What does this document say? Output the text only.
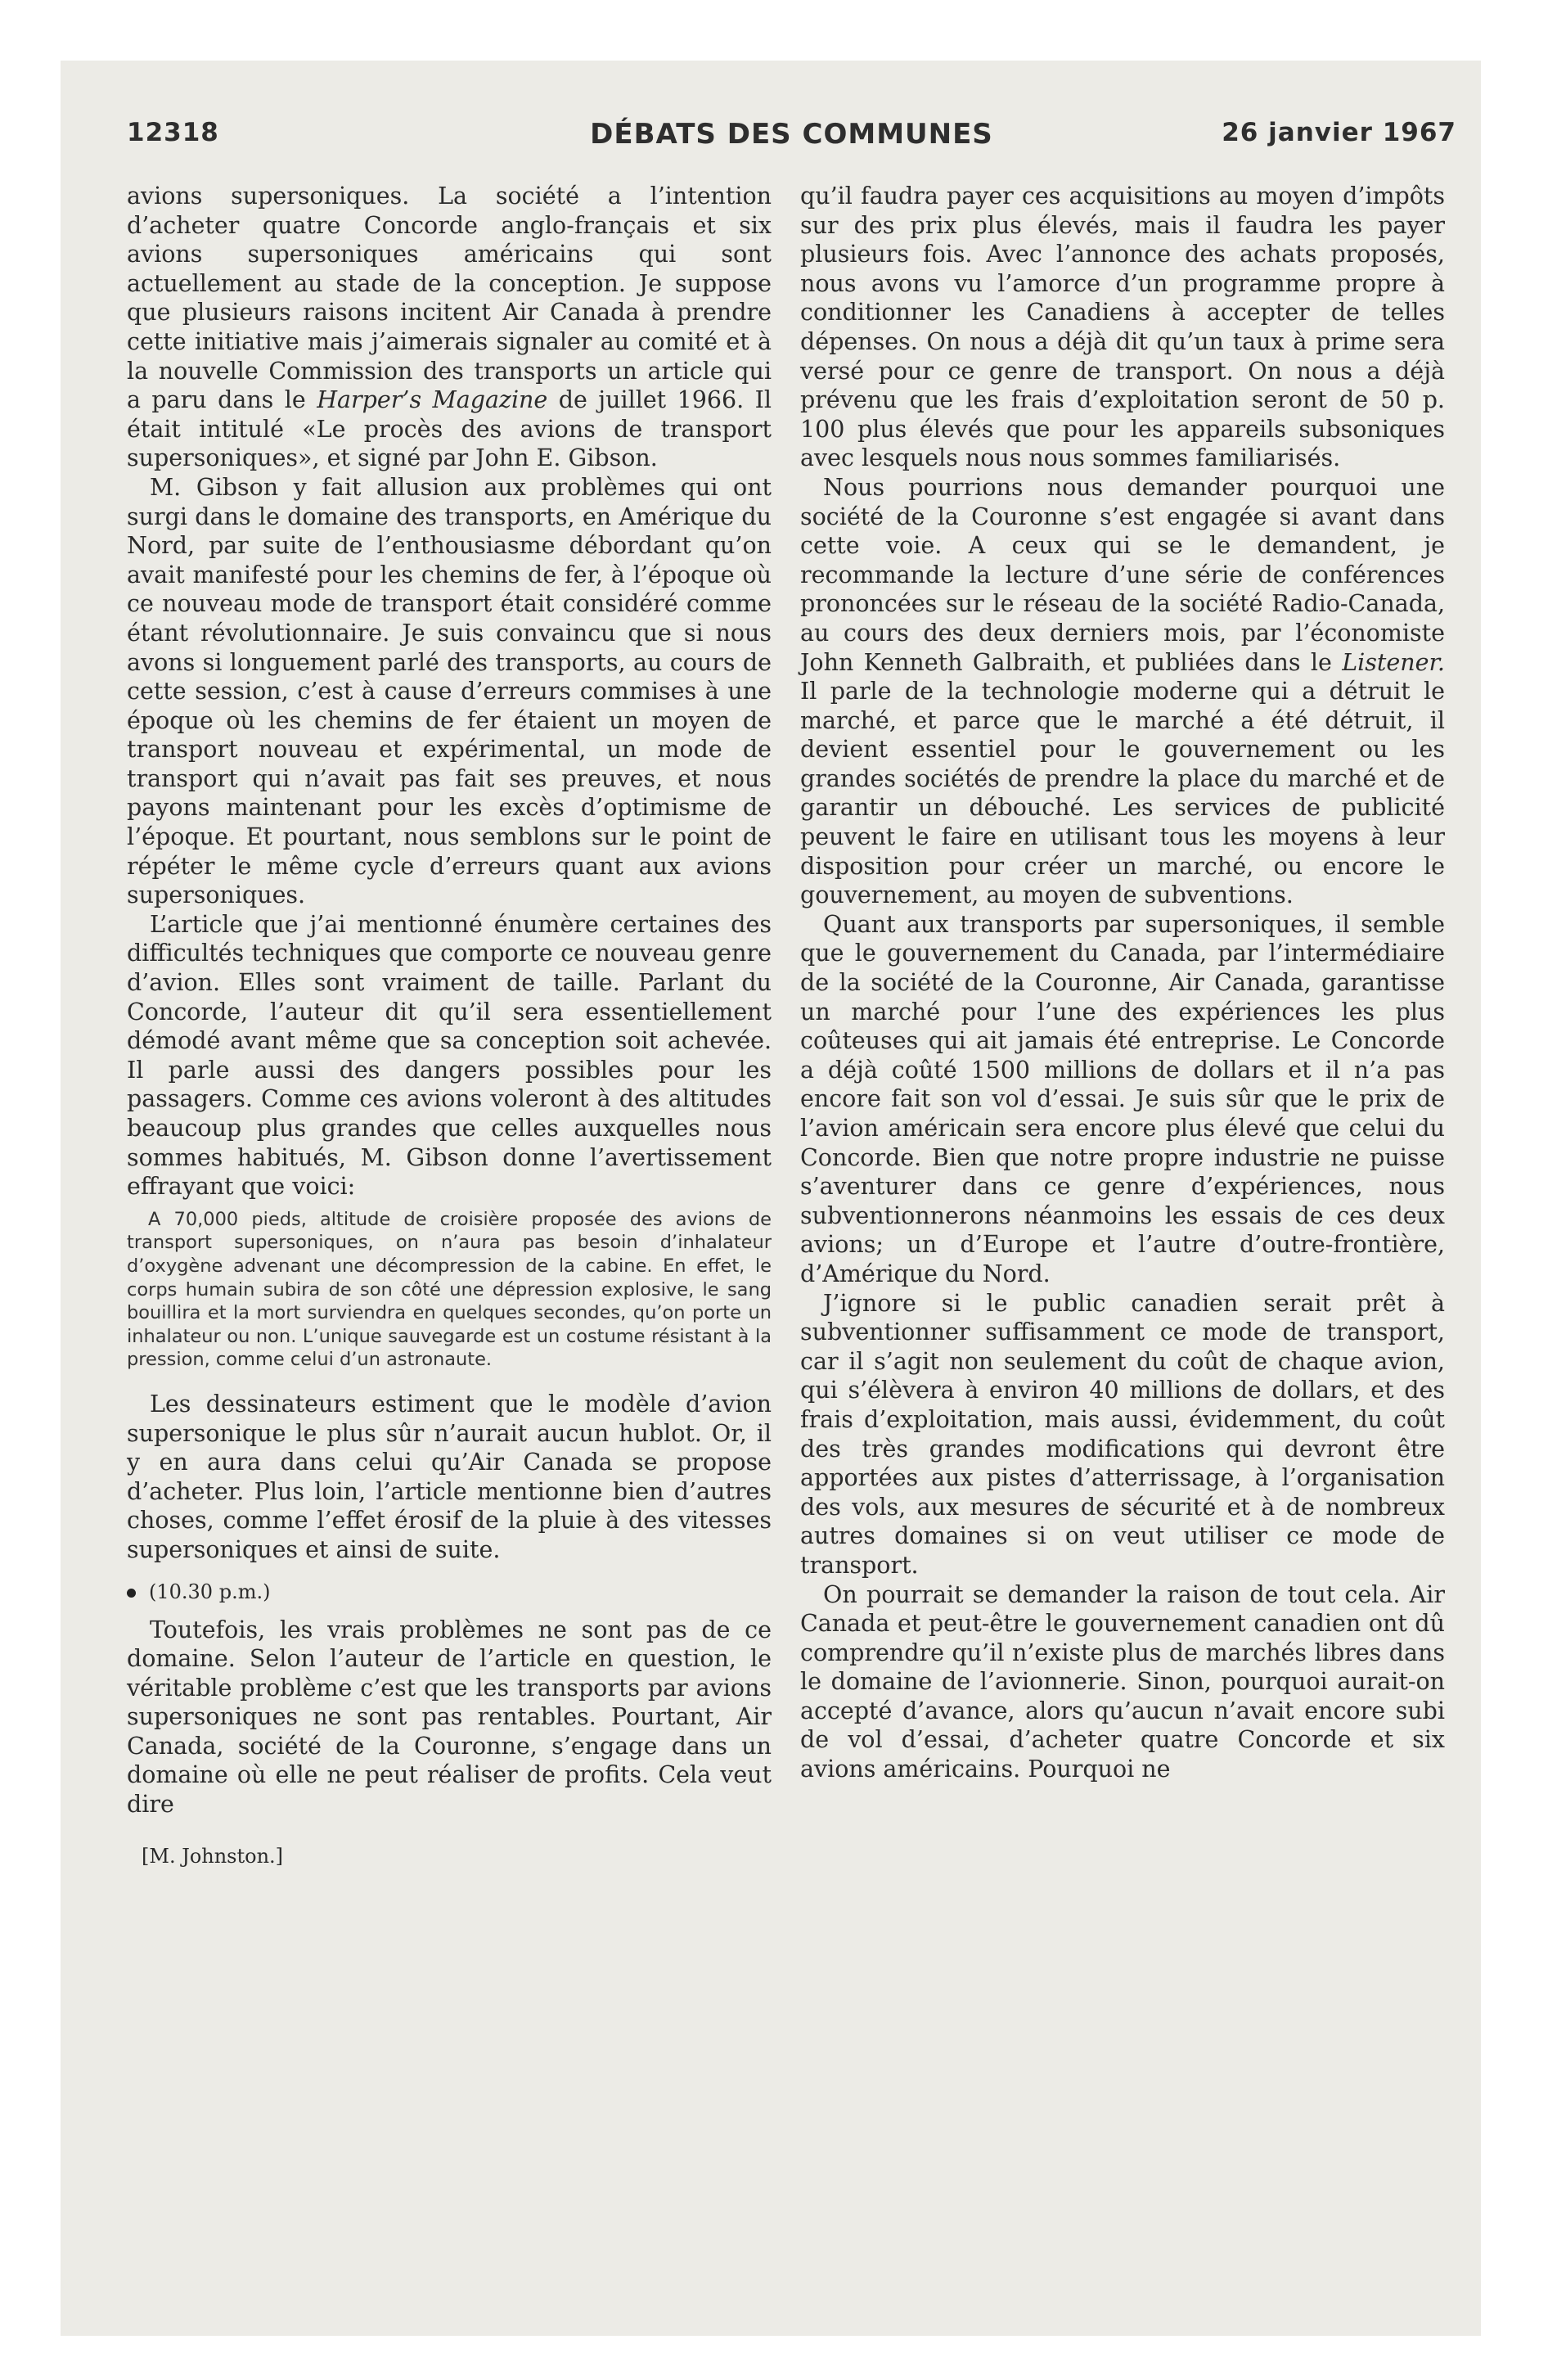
12318	DÉBATS DES COMMUNES	26 janvier 1967

avions supersoniques. La société a l’intention d’acheter quatre Concorde anglo-français et six avions supersoniques américains qui sont actuellement au stade de la conception. Je suppose que plusieurs raisons incitent Air Canada à prendre cette initiative mais j’aimerais signaler au comité et à la nouvelle Commission des transports un article qui a paru dans le Harper’s Magazine de juillet 1966. Il était intitulé «Le procès des avions de transport supersoniques», et signé par John E. Gibson.

M. Gibson y fait allusion aux problèmes qui ont surgi dans le domaine des transports, en Amérique du Nord, par suite de l’enthousiasme débordant qu’on avait manifesté pour les chemins de fer, à l’époque où ce nouveau mode de transport était considéré comme étant révolutionnaire. Je suis convaincu que si nous avons si longuement parlé des transports, au cours de cette session, c’est à cause d’erreurs commises à une époque où les chemins de fer étaient un moyen de transport nouveau et expérimental, un mode de transport qui n’avait pas fait ses preuves, et nous payons maintenant pour les excès d’optimisme de l’époque. Et pourtant, nous semblons sur le point de répéter le même cycle d’erreurs quant aux avions supersoniques.

L’article que j’ai mentionné énumère certaines des difficultés techniques que comporte ce nouveau genre d’avion. Elles sont vraiment de taille. Parlant du Concorde, l’auteur dit qu’il sera essentiellement démodé avant même que sa conception soit achevée. Il parle aussi des dangers possibles pour les passagers. Comme ces avions voleront à des altitudes beaucoup plus grandes que celles auxquelles nous sommes habitués, M. Gibson donne l’avertissement effrayant que voici:

A 70,000 pieds, altitude de croisière proposée des avions de transport supersoniques, on n’aura pas besoin d’inhalateur d’oxygène advenant une décompression de la cabine. En effet, le corps humain subira de son côté une dépression explosive, le sang bouillira et la mort surviendra en quelques secondes, qu’on porte un inhalateur ou non. L’unique sauvegarde est un costume résistant à la pression, comme celui d’un astronaute.

Les dessinateurs estiment que le modèle d’avion supersonique le plus sûr n’aurait aucun hublot. Or, il y en aura dans celui qu’Air Canada se propose d’acheter. Plus loin, l’article mentionne bien d’autres choses, comme l’effet érosif de la pluie à des vitesses supersoniques et ainsi de suite.

(10.30 p.m.)

Toutefois, les vrais problèmes ne sont pas de ce domaine. Selon l’auteur de l’article en question, le véritable problème c’est que les transports par avions supersoniques ne sont pas rentables. Pourtant, Air Canada, société de la Couronne, s’engage dans un domaine où elle ne peut réaliser de profits. Cela veut dire

[M. Johnston.]

qu’il faudra payer ces acquisitions au moyen d’impôts sur des prix plus élevés, mais il faudra les payer plusieurs fois. Avec l’annonce des achats proposés, nous avons vu l’amorce d’un programme propre à conditionner les Canadiens à accepter de telles dépenses. On nous a déjà dit qu’un taux à prime sera versé pour ce genre de transport. On nous a déjà prévenu que les frais d’exploitation seront de 50 p. 100 plus élevés que pour les appareils subsoniques avec lesquels nous nous sommes familiarisés.

Nous pourrions nous demander pourquoi une société de la Couronne s’est engagée si avant dans cette voie. A ceux qui se le demandent, je recommande la lecture d’une série de conférences prononcées sur le réseau de la société Radio-Canada, au cours des deux derniers mois, par l’économiste John Kenneth Galbraith, et publiées dans le Listener. Il parle de la technologie moderne qui a détruit le marché, et parce que le marché a été détruit, il devient essentiel pour le gouvernement ou les grandes sociétés de prendre la place du marché et de garantir un débouché. Les services de publicité peuvent le faire en utilisant tous les moyens à leur disposition pour créer un marché, ou encore le gouvernement, au moyen de subventions.

Quant aux transports par supersoniques, il semble que le gouvernement du Canada, par l’intermédiaire de la société de la Couronne, Air Canada, garantisse un marché pour l’une des expériences les plus coûteuses qui ait jamais été entreprise. Le Concorde a déjà coûté 1500 millions de dollars et il n’a pas encore fait son vol d’essai. Je suis sûr que le prix de l’avion américain sera encore plus élevé que celui du Concorde. Bien que notre propre industrie ne puisse s’aventurer dans ce genre d’expériences, nous subventionnerons néanmoins les essais de ces deux avions; un d’Europe et l’autre d’outre-frontière, d’Amérique du Nord.

J’ignore si le public canadien serait prêt à subventionner suffisamment ce mode de transport, car il s’agit non seulement du coût de chaque avion, qui s’élèvera à environ 40 millions de dollars, et des frais d’exploitation, mais aussi, évidemment, du coût des très grandes modifications qui devront être apportées aux pistes d’atterrissage, à l’organisation des vols, aux mesures de sécurité et à de nombreux autres domaines si on veut utiliser ce mode de transport.

On pourrait se demander la raison de tout cela. Air Canada et peut-être le gouvernement canadien ont dû comprendre qu’il n’existe plus de marchés libres dans le domaine de l’avionnerie. Sinon, pourquoi aurait-on accepté d’avance, alors qu’aucun n’avait encore subi de vol d’essai, d’acheter quatre Concorde et six avions américains. Pourquoi ne
